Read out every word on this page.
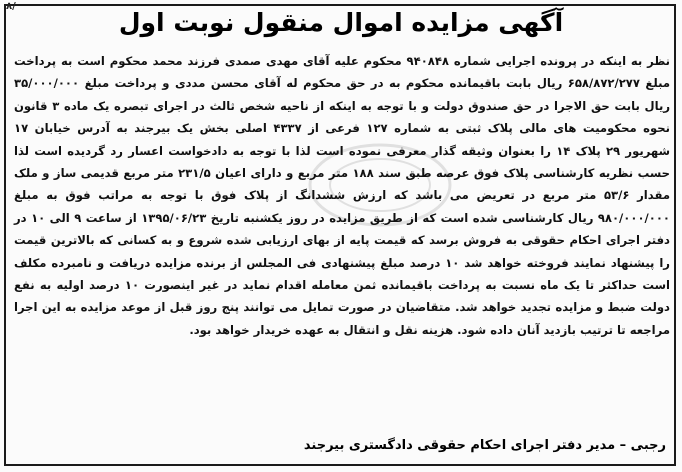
۸/
آگهی مزایده اموال منقول نوبت اول
نظر به اینکه در پرونده اجرایی شماره ۹۴۰۸۴۸ محکوم علیه آقای مهدی صمدی فرزند محمد محکوم است به پرداخت مبلغ ۶۵۸/۸۷۲/۲۷۷ ریال بابت باقیمانده محکوم به در حق محکوم له آقای محسن مددی و پرداخت مبلغ ۳۵/۰۰۰/۰۰۰ ریال بابت حق الاجرا در حق صندوق دولت و با توجه به اینکه از ناحیه شخص ثالث در اجرای تبصره یک ماده ۳ قانون نحوه محکومیت های مالی پلاک ثبتی به شماره ۱۲۷ فرعی از ۴۳۳۷ اصلی بخش یک بیرجند به آدرس خیابان ۱۷ شهریور ۲۹ پلاک ۱۴ را بعنوان وثیقه گذار معرفی نموده است لذا با توجه به دادخواست اعسار رد گردیده است لذا حسب نظریه کارشناسی پلاک فوق عرصه طبق سند ۱۸۸ متر مربع و دارای اعیان ۲۳۱/۵ متر مربع قدیمی ساز و ملک مقدار ۵۳/۶ متر مربع در تعریض می باشد که ارزش ششدانگ از پلاک فوق با توجه به مراتب فوق به مبلغ ۹۸۰/۰۰۰/۰۰۰ ریال کارشناسی شده است که از طریق مزایده در روز یکشنبه تاریخ ۱۳۹۵/۰۶/۲۳ از ساعت ۹ الی ۱۰ در دفتر اجرای احکام حقوقی به فروش برسد که قیمت پایه از بهای ارزیابی شده شروع و به کسانی که بالاترین قیمت را پیشنهاد نمایند فروخته خواهد شد ۱۰ درصد مبلغ پیشنهادی فی المجلس از برنده مزایده دریافت و نامبرده مکلف است حداکثر تا یک ماه نسبت به پرداخت باقیمانده ثمن معامله اقدام نماید در غیر اینصورت ۱۰ درصد اولیه به نفع دولت ضبط و مزایده تجدید خواهد شد. متقاضیان در صورت تمایل می توانند پنج روز قبل از موعد مزایده به این اجرا مراجعه تا ترتیب بازدید آنان داده شود. هزینه نقل و انتقال به عهده خریدار خواهد بود.
رجبی – مدیر دفتر اجرای احکام حقوقی دادگستری بیرجند
